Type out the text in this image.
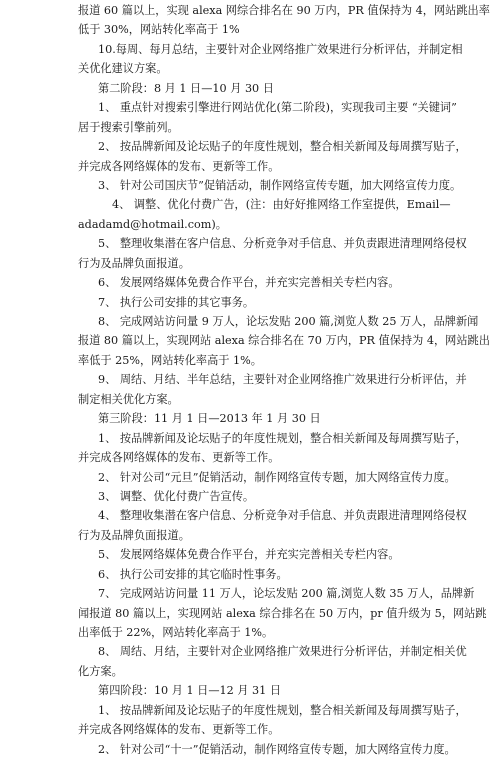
报道 60 篇以上，实现 alexa 网综合排名在 90 万内，PR 值保持为 4，网站跳出率
低于 30%，网站转化率高于 1%
10.每周、每月总结，主要针对企业网络推广效果进行分析评估，并制定相
关优化建议方案。
第二阶段：8 月 1 日—10 月 30 日
1、 重点针对搜索引擎进行网站优化(第二阶段)，实现我司主要 “关键词”
居于搜索引擎前列。
2、 按品牌新闻及论坛贴子的年度性规划，整合相关新闻及每周撰写贴子，
并完成各网络媒体的发布、更新等工作。
3、 针对公司国庆节”促销活动，制作网络宣传专题，加大网络宣传力度。
4、 调整、优化付费广告，(注：由好好推网络工作室提供，Email—
adadamd@hotmail.com)。
5、 整理收集潜在客户信息、分析竞争对手信息、并负责跟进清理网络侵权
行为及品牌负面报道。
6、 发展网络媒体免费合作平台，并充实完善相关专栏内容。
7、 执行公司安排的其它事务。
8、 完成网站访问量 9 万人，论坛发贴 200 篇,浏览人数 25 万人，品牌新闻
报道 80 篇以上，实现网站 alexa 综合排名在 70 万内，PR 值保持为 4，网站跳出
率低于 25%，网站转化率高于 1%。
9、 周结、月结、半年总结，主要针对企业网络推广效果进行分析评估，并
制定相关优化方案。
第三阶段：11 月 1 日—2013 年 1 月 30 日
1、 按品牌新闻及论坛贴子的年度性规划，整合相关新闻及每周撰写贴子，
并完成各网络媒体的发布、更新等工作。
2、 针对公司“元旦”促销活动，制作网络宣传专题，加大网络宣传力度。
3、 调整、优化付费广告宣传。
4、 整理收集潜在客户信息、分析竞争对手信息、并负责跟进清理网络侵权
行为及品牌负面报道。
5、 发展网络媒体免费合作平台，并充实完善相关专栏内容。
6、 执行公司安排的其它临时性事务。
7、 完成网站访问量 11 万人，论坛发贴 200 篇,浏览人数 35 万人，品牌新
闻报道 80 篇以上，实现网站 alexa 综合排名在 50 万内，pr 值升级为 5，网站跳
出率低于 22%，网站转化率高于 1%。
8、 周结、月结，主要针对企业网络推广效果进行分析评估，并制定相关优
化方案。
第四阶段：10 月 1 日—12 月 31 日
1、 按品牌新闻及论坛贴子的年度性规划，整合相关新闻及每周撰写贴子，
并完成各网络媒体的发布、更新等工作。
2、 针对公司“十一”促销活动，制作网络宣传专题，加大网络宣传力度。
